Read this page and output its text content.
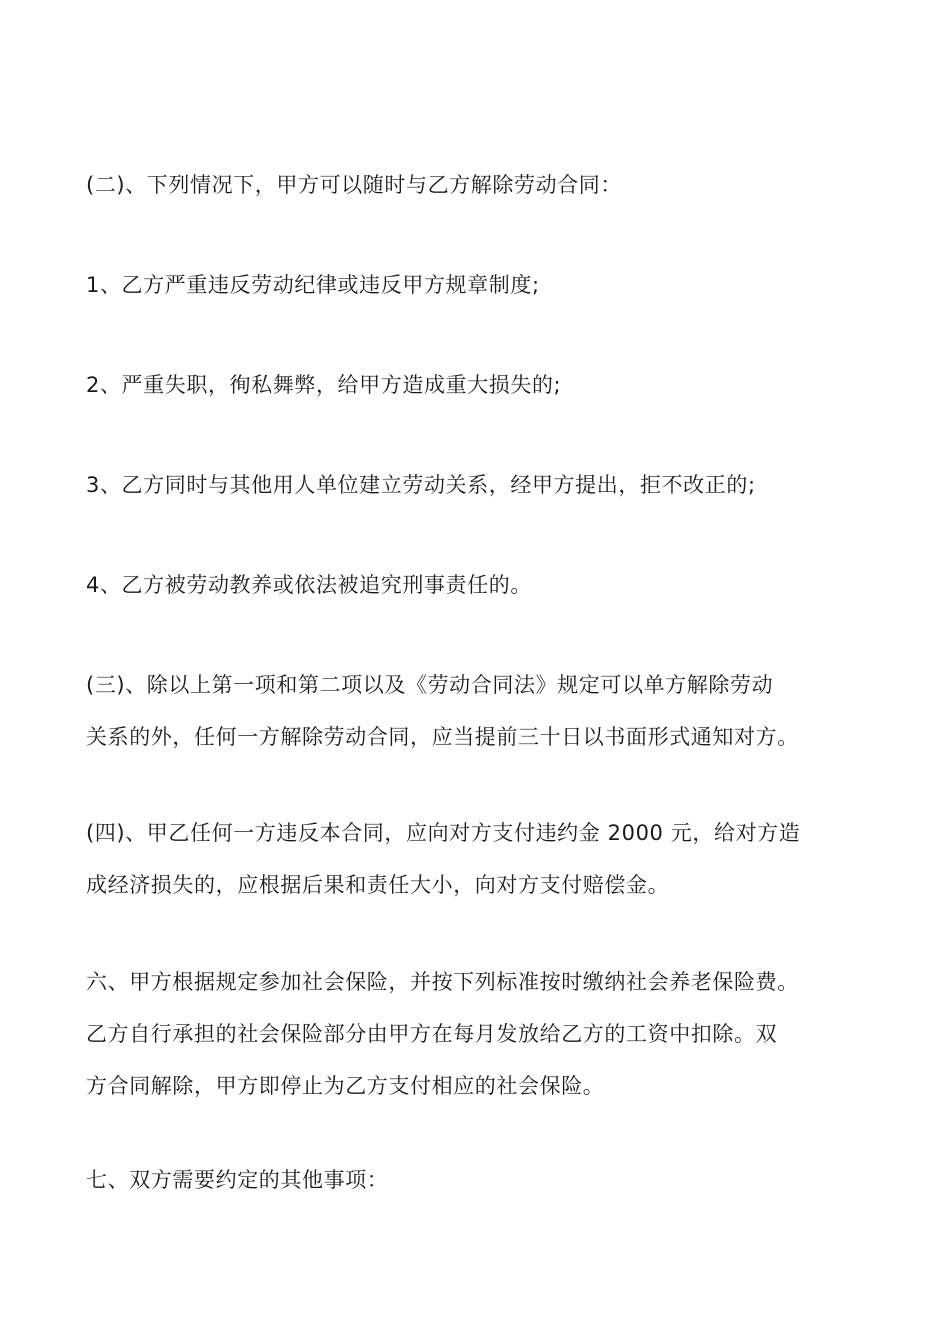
(二)、下列情况下，甲方可以随时与乙方解除劳动合同：
1、乙方严重违反劳动纪律或违反甲方规章制度;
2、严重失职，徇私舞弊，给甲方造成重大损失的;
3、乙方同时与其他用人单位建立劳动关系，经甲方提出，拒不改正的;
4、乙方被劳动教养或依法被追究刑事责任的。
(三)、除以上第一项和第二项以及《劳动合同法》规定可以单方解除劳动
关系的外，任何一方解除劳动合同，应当提前三十日以书面形式通知对方。
(四)、甲乙任何一方违反本合同，应向对方支付违约金 2000 元，给对方造
成经济损失的，应根据后果和责任大小，向对方支付赔偿金。
六、甲方根据规定参加社会保险，并按下列标准按时缴纳社会养老保险费。
乙方自行承担的社会保险部分由甲方在每月发放给乙方的工资中扣除。双
方合同解除，甲方即停止为乙方支付相应的社会保险。
七、双方需要约定的其他事项：
